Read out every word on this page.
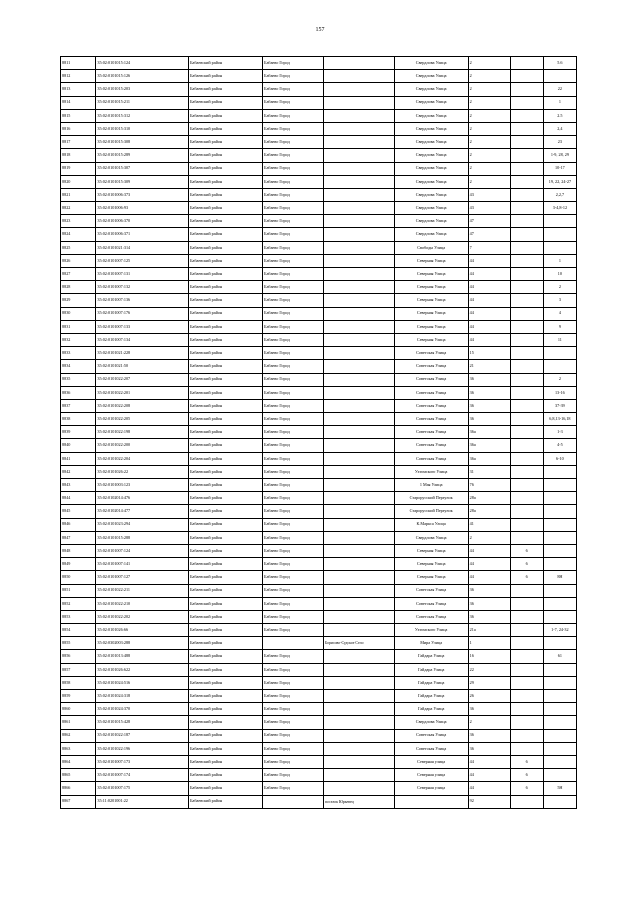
157
8811	35:02:0101015:124	Бабаевский район	Бабаево Город		Свердлова Улица	2		5.6
8812	35:02:0101015:126	Бабаевский район	Бабаево Город		Свердлова Улица	2		
8813	35:02:0101015:203	Бабаевский район	Бабаево Город		Свердлова Улица	2		22
8814	35:02:0101015:211	Бабаевский район	Бабаево Город		Свердлова Улица	2		1
8815	35:02:0101015:312	Бабаевский район	Бабаево Город		Свердлова Улица	2		2.5
8816	35:02:0101015:310	Бабаевский район	Бабаево Город		Свердлова Улица	2		2,4
8817	35:02:0101015:308	Бабаевский район	Бабаево Город		Свердлова Улица	2		23
8818	35:02:0101015:289	Бабаевский район	Бабаево Город		Свердлова Улица	2		1-9, 28, 29
8819	35:02:0101015:307	Бабаевский район	Бабаево Город		Свердлова Улица	2		10-17
8820	35:02:0101015:309	Бабаевский район	Бабаево Город		Свердлова Улица	2		19, 22, 24-27
8821	35:02:0101006:373	Бабаевский район	Бабаево Город		Свердлова Улица	43		2,2,7
8822	35:02:0101006:93	Бабаевский район	Бабаево Город		Свердлова Улица	43		3-4,8-12
8823	35:02:0101006:370	Бабаевский район	Бабаево Город		Свердлова Улица	47		
8824	35:02:0101006:371	Бабаевский район	Бабаево Город		Свердлова Улица	47		
8825	35:02:0101021:314	Бабаевский район	Бабаево Город		Свободы Улица	7		
8826	35:02:0101007:125	Бабаевский район	Бабаево Город		Северная Улица	44		1
8827	35:02:0101007:131	Бабаевский район	Бабаево Город		Северная Улица	44		10
8828	35:02:0101007:132	Бабаевский район	Бабаево Город		Северная Улица	44		2
8829	35:02:0101007:136	Бабаевский район	Бабаево Город		Северная Улица	44		3
8830	35:02:0101007:176	Бабаевский район	Бабаево Город		Северная Улица	44		4
8831	35:02:0101007:133	Бабаевский район	Бабаево Город		Северная Улица	44		9
8832	35:02:0101007:134	Бабаевский район	Бабаево Город		Северная Улица	44		11
8833	35:02:0101021:228	Бабаевский район	Бабаево Город		Советская Улица	15		
8834	35:02:0101021:50	Бабаевский район	Бабаево Город		Советская Улица	21		
8835	35:02:0101022:207	Бабаевский район	Бабаево Город		Советская Улица	36		2
8836	35:02:0101022:201	Бабаевский район	Бабаево Город		Советская Улица	36		13-16
8837	35:02:0101022:208	Бабаевский район	Бабаево Город		Советская Улица	36		37-39
8838	35:02:0101022:205	Бабаевский район	Бабаево Город		Советская Улица	36		6,8,13-16,18
8839	35:02:0101022:198	Бабаевский район	Бабаево Город		Советская Улица	36а		1-3
8840	35:02:0101022:200	Бабаевский район	Бабаево Город		Советская Улица	36а		4-5
8841	35:02:0101022:204	Бабаевский район	Бабаево Город		Советская Улица	36а		6-10
8842	35:02:0101026:22	Бабаевский район	Бабаево Город		Ухтомского Улица	31		
8843	35:02:0101003:123	Бабаевский район	Бабаево Город		1 Мая Улица	76		
8844	35:02:0102014:476	Бабаевский район	Бабаево Город		Старорусский Переулок	28а		
8845	35:02:0102014:477	Бабаевский район	Бабаево Город		Старорусский Переулок	28а		
8846	35:02:0101023:294	Бабаевский район	Бабаево Город		К.Маркса Улица	41		
8847	35:02:0101015:288	Бабаевский район	Бабаево Город		Свердлова Улица	2		
8848	35:02:0101007:124	Бабаевский район	Бабаево Город		Северная Улица	44	6	
8849	35:02:0101007:141	Бабаевский район	Бабаево Город		Северная Улица	44	6	
8850	35:02:0101007:127	Бабаевский район	Бабаево Город		Северная Улица	44	6	8Н
8851	35:02:0101022:211	Бабаевский район	Бабаево Город		Советская Улица	36		
8852	35:02:0101022:210	Бабаевский район	Бабаево Город		Советская Улица	36		
8853	35:02:0101022:202	Бабаевский район	Бабаево Город		Советская Улица	36		
8854	35:02:0101026:66	Бабаевский район	Бабаево Город		Ухтомского Улица	21а		1-7, 24-32
8855	35:02:0302003:288	Бабаевский район		Борисово-Судское Село	Мира Улица	1		
8856	35:02:0101013:488	Бабаевский район	Бабаево Город		Гайдара Улица	16		61
8857	35:02:0101026:622	Бабаевский район	Бабаево Город		Гайдара Улица	22		
8858	35:02:0101024:516	Бабаевский район	Бабаево Город		Гайдара Улица	29		
8859	35:02:0101024:318	Бабаевский район	Бабаево Город		Гайдара Улица	26		
8860	35:02:0101024:370	Бабаевский район	Бабаево Город		Гайдара Улица	36		
8861	35:02:0101015:428	Бабаевский район	Бабаево Город		Свердлова Улица	2		
8862	35:02:0101022:187	Бабаевский район	Бабаево Город		Советская Улица	36		
8863	35:02:0101022:196	Бабаевский район	Бабаево Город		Советская Улица	36		
8864	35:02:0101007:173	Бабаевский район	Бабаево Город		Северная улица	44	6	
8865	35:02:0101007:174	Бабаевский район	Бабаево Город		Северная улица	44	6	
8866	35:02:0101007:175	Бабаевский район	Бабаево Город		Северная улица	44	6	5Н
8867	35:11:0201001:22	Бабаевский район		поселок Юрьевец		92		
